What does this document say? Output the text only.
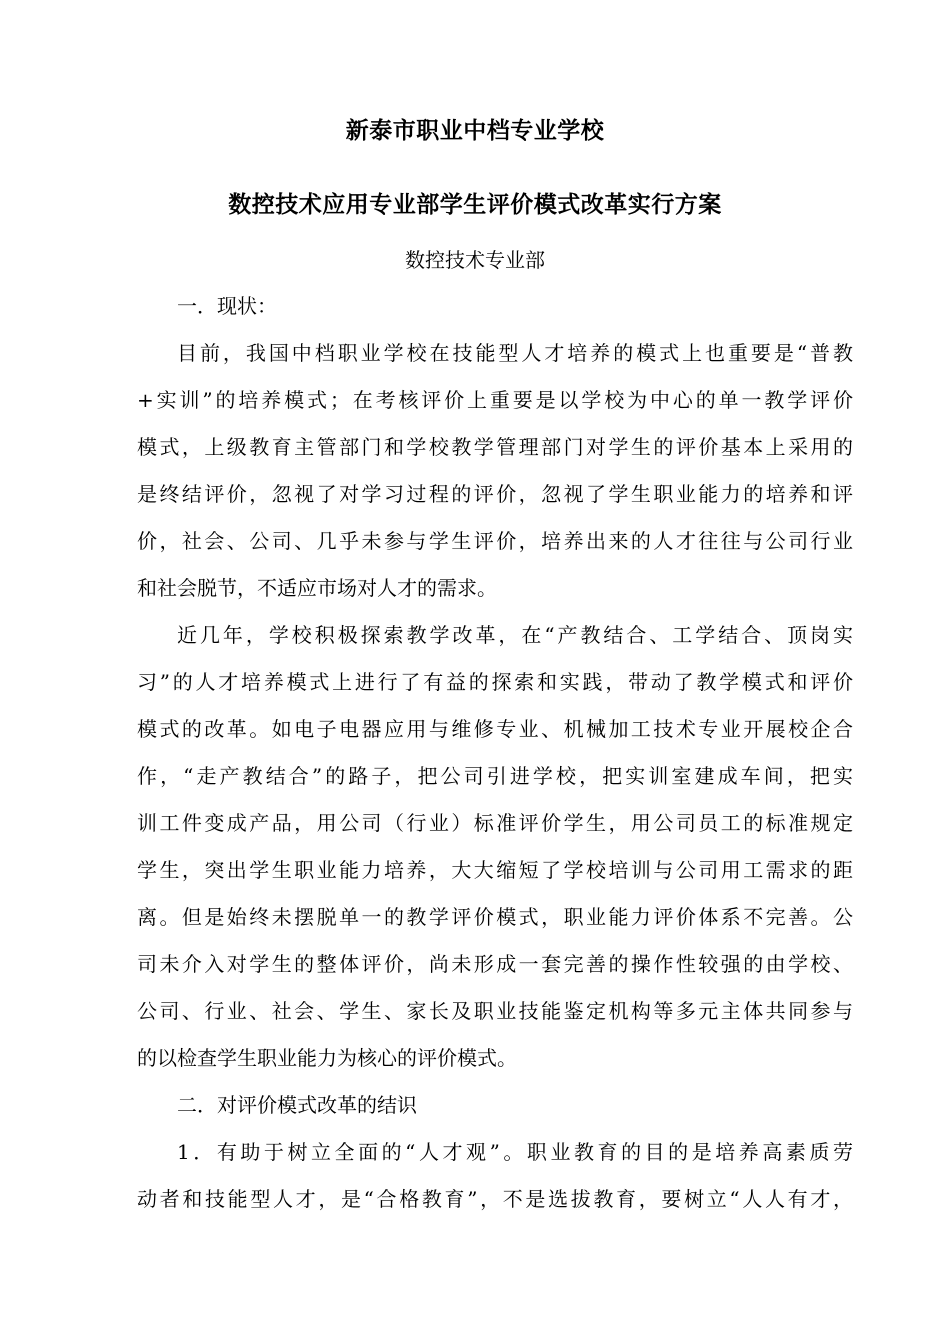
新泰市职业中档专业学校
数控技术应用专业部学生评价模式改革实行方案
数控技术专业部
一．现状：
目前，我国中档职业学校在技能型人才培养的模式上也重要是“普教
+实训”的培养模式；在考核评价上重要是以学校为中心的单一教学评价
模式，上级教育主管部门和学校教学管理部门对学生的评价基本上采用的
是终结评价，忽视了对学习过程的评价，忽视了学生职业能力的培养和评
价，社会、公司、几乎未参与学生评价，培养出来的人才往往与公司行业
和社会脱节，不适应市场对人才的需求。
近几年，学校积极探索教学改革，在“产教结合、工学结合、顶岗实
习”的人才培养模式上进行了有益的探索和实践，带动了教学模式和评价
模式的改革。如电子电器应用与维修专业、机械加工技术专业开展校企合
作，“走产教结合”的路子，把公司引进学校，把实训室建成车间，把实
训工件变成产品，用公司（行业）标准评价学生，用公司员工的标准规定
学生，突出学生职业能力培养，大大缩短了学校培训与公司用工需求的距
离。但是始终未摆脱单一的教学评价模式，职业能力评价体系不完善。公
司未介入对学生的整体评价，尚未形成一套完善的操作性较强的由学校、
公司、行业、社会、学生、家长及职业技能鉴定机构等多元主体共同参与
的以检查学生职业能力为核心的评价模式。
二．对评价模式改革的结识
1．有助于树立全面的“人才观”。职业教育的目的是培养高素质劳
动者和技能型人才，是“合格教育”，不是选拔教育，要树立“人人有才，
